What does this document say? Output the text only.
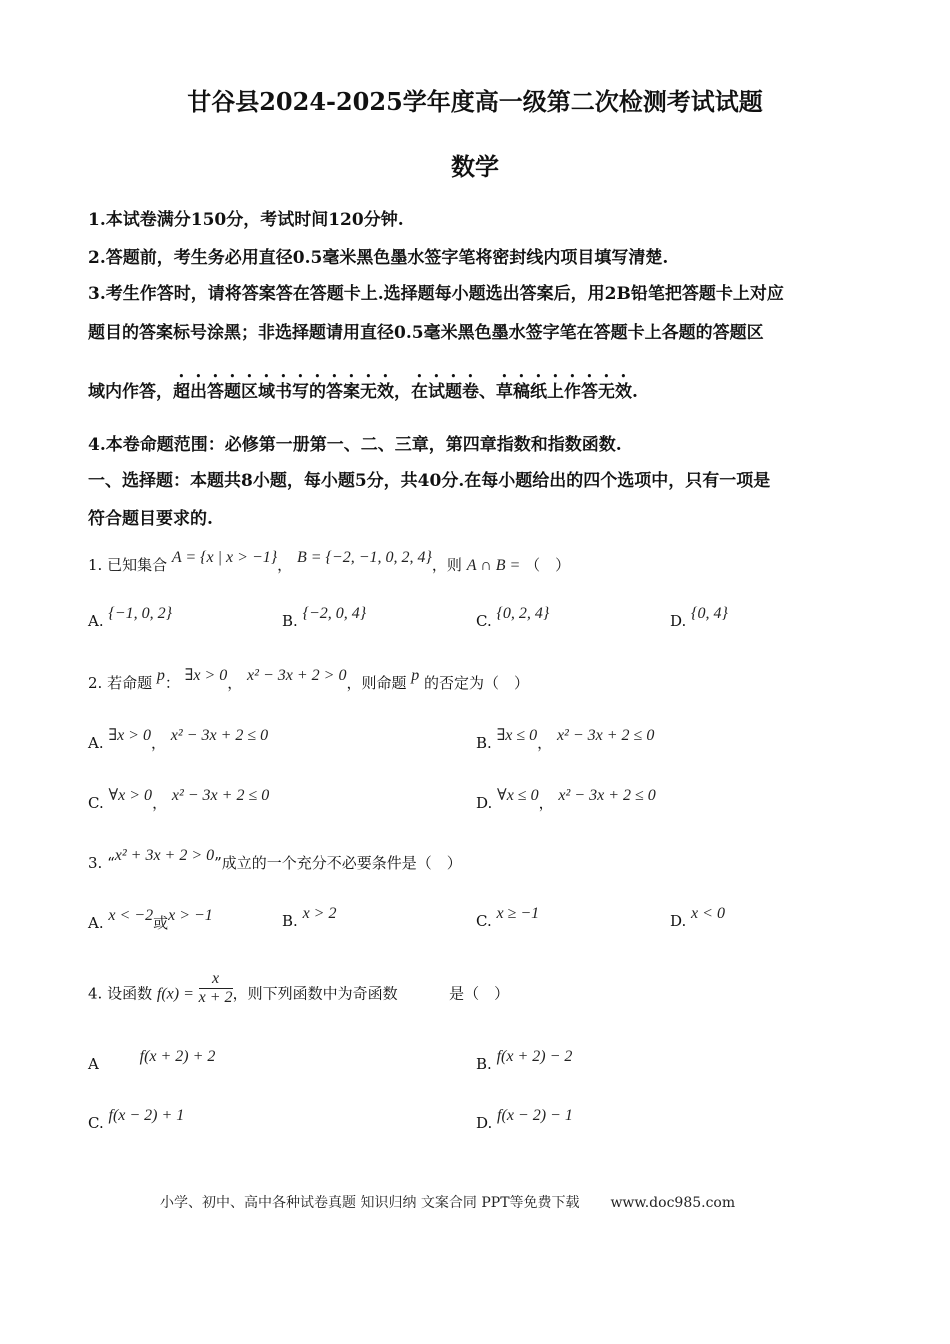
甘谷县2024-2025学年度高一级第二次检测考试试题
数学
1.本试卷满分150分，考试时间120分钟.
2.答题前，考生务必用直径0.5毫米黑色墨水签字笔将密封线内项目填写清楚.
3.考生作答时，请将答案答在答题卡上.选择题每小题选出答案后，用2B铅笔把答题卡上对应
题目的答案标号涂黑；非选择题请用直径0.5毫米黑色墨水签字笔在答题卡上各题的答题区
域内作答，超出答题区域书写的答案无效，在试题卷、草稿纸上作答无效.
4.本卷命题范围：必修第一册第一、二、三章，第四章指数和指数函数.
一、选择题：本题共8小题，每小题5分，共40分.在每小题给出的四个选项中，只有一项是
符合题目要求的.
1. 已知集合 A = {x | x > −1}， B = {−2, −1, 0, 2, 4}，则 A ∩ B = （　）
A. {−1, 0, 2}	B. {−2, 0, 4}	C. {0, 2, 4}	D. {0, 4}
2. 若命题 p： ∃x > 0， x² − 3x + 2 > 0，则命题 p 的否定为（　）
A. ∃x > 0， x² − 3x + 2 ≤ 0	B. ∃x ≤ 0， x² − 3x + 2 ≤ 0
C. ∀x > 0， x² − 3x + 2 ≤ 0	D. ∀x ≤ 0， x² − 3x + 2 ≤ 0
3. “x² + 3x + 2 > 0”成立的一个充分不必要条件是（　）
A. x < −2或x > −1	B. x > 2	C. x ≥ −1	D. x < 0
4. 设函数 $f(x) = \frac{x}{x + 2}$ ，则下列函数中为奇函数	是（　）
A	f(x + 2) + 2	B. f(x + 2) − 2
C. f(x − 2) + 1	D. f(x − 2) − 1
小学、初中、高中各种试卷真题 知识归纳 文案合同 PPT等免费下载 www.doc985.com
